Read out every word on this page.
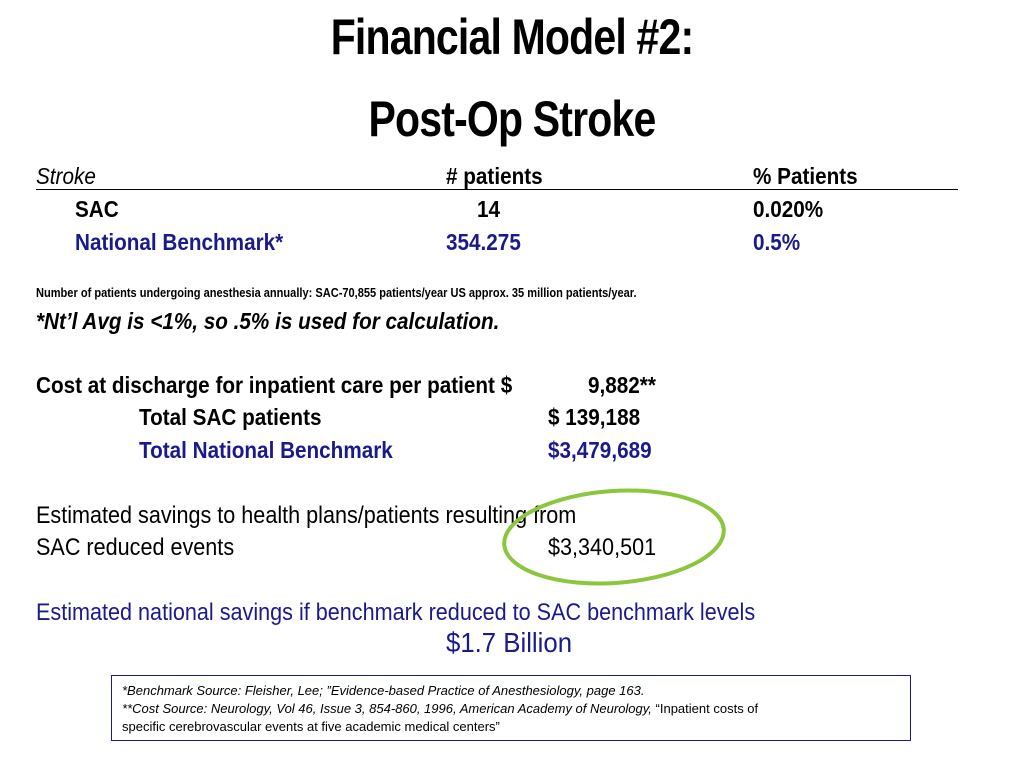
Financial Model #2:
Post-Op Stroke
Stroke	# patients	% Patients
SAC	14	0.020%
National Benchmark*	354.275	0.5%
Number of patients undergoing anesthesia annually: SAC-70,855 patients/year US approx. 35 million patients/year.
*Nt’l Avg is <1%, so .5% is used for calculation.
Cost at discharge for inpatient care per patient $	9,882**
Total SAC patients	$ 139,188
Total National Benchmark	$3,479,689
Estimated savings to health plans/patients resulting from
SAC reduced events	$3,340,501
Estimated national savings if benchmark reduced to SAC benchmark levels
$1.7 Billion
*Benchmark Source: Fleisher, Lee; ”Evidence-based Practice of Anesthesiology, page 163.
**Cost Source: Neurology, Vol 46, Issue 3, 854-860, 1996, American Academy of Neurology, “Inpatient costs of
specific cerebrovascular events at five academic medical centers”
